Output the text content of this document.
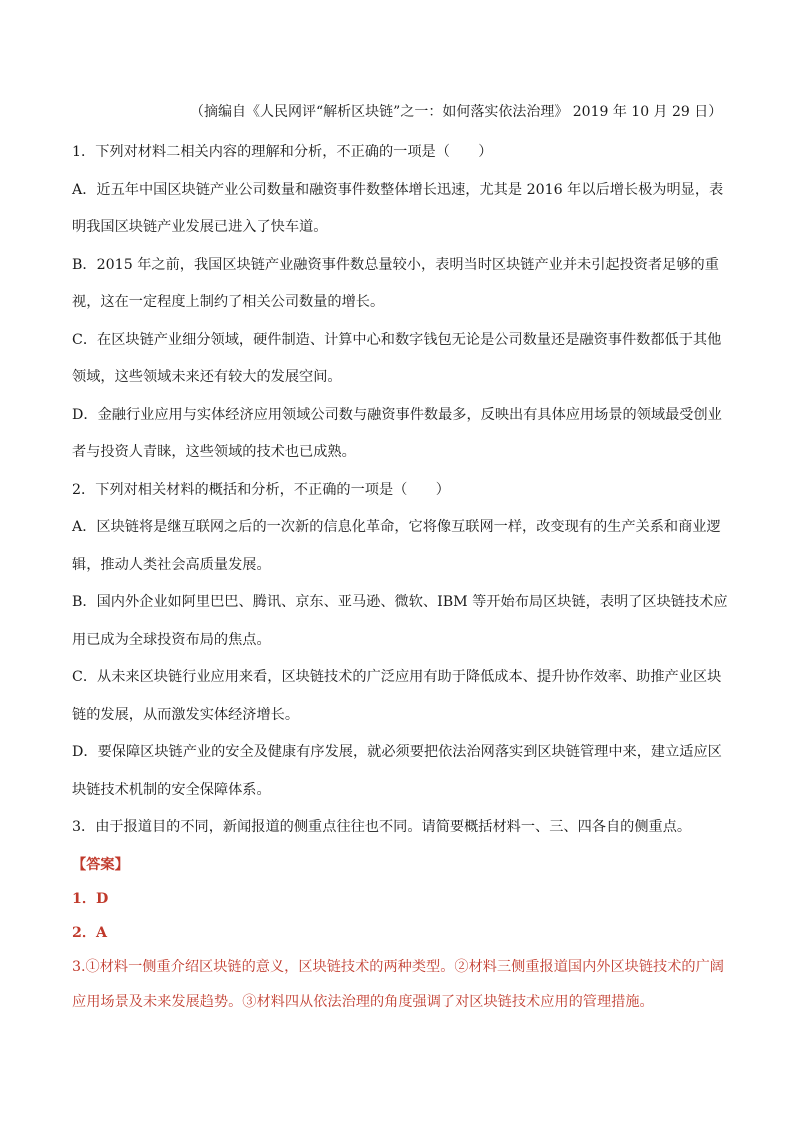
（摘编自《人民网评“解析区块链”之一：如何落实依法治理》 2019 年 10 月 29 日）

1．下列对材料二相关内容的理解和分析，不正确的一项是（　　）

A．近五年中国区块链产业公司数量和融资事件数整体增长迅速，尤其是 2016 年以后增长极为明显，表明我国区块链产业发展已进入了快车道。

B．2015 年之前，我国区块链产业融资事件数总量较小，表明当时区块链产业并未引起投资者足够的重视，这在一定程度上制约了相关公司数量的增长。

C．在区块链产业细分领域，硬件制造、计算中心和数字钱包无论是公司数量还是融资事件数都低于其他领域，这些领域未来还有较大的发展空间。

D．金融行业应用与实体经济应用领域公司数与融资事件数最多，反映出有具体应用场景的领域最受创业者与投资人青睐，这些领域的技术也已成熟。

2．下列对相关材料的概括和分析，不正确的一项是（　　）

A．区块链将是继互联网之后的一次新的信息化革命，它将像互联网一样，改变现有的生产关系和商业逻辑，推动人类社会高质量发展。

B．国内外企业如阿里巴巴、腾讯、京东、亚马逊、微软、IBM 等开始布局区块链，表明了区块链技术应用已成为全球投资布局的焦点。

C．从未来区块链行业应用来看，区块链技术的广泛应用有助于降低成本、提升协作效率、助推产业区块链的发展，从而激发实体经济增长。

D．要保障区块链产业的安全及健康有序发展，就必须要把依法治网落实到区块链管理中来，建立适应区块链技术机制的安全保障体系。

3．由于报道目的不同，新闻报道的侧重点往往也不同。请简要概括材料一、三、四各自的侧重点。

【答案】

1．D

2．A

3.①材料一侧重介绍区块链的意义，区块链技术的两种类型。②材料三侧重报道国内外区块链技术的广阔应用场景及未来发展趋势。③材料四从依法治理的角度强调了对区块链技术应用的管理措施。
